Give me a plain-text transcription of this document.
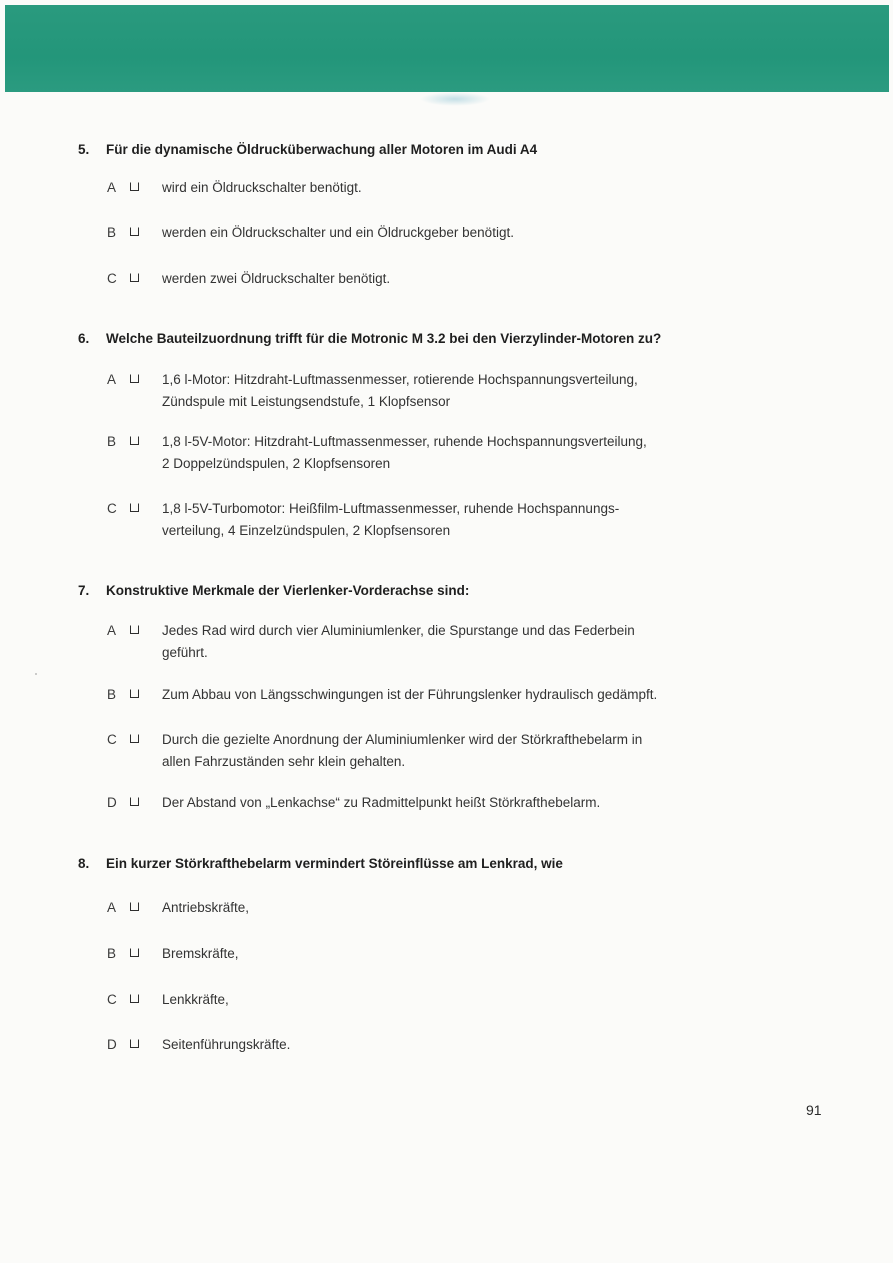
5. Für die dynamische Öldrucküberwachung aller Motoren im Audi A4
A	wird ein Öldruckschalter benötigt.
B	werden ein Öldruckschalter und ein Öldruckgeber benötigt.
C	werden zwei Öldruckschalter benötigt.
6. Welche Bauteilzuordnung trifft für die Motronic M 3.2 bei den Vierzylinder-Motoren zu?
A	1,6 l-Motor: Hitzdraht-Luftmassenmesser, rotierende Hochspannungsverteilung,
Zündspule mit Leistungsendstufe, 1 Klopfsensor
B	1,8 l-5V-Motor: Hitzdraht-Luftmassenmesser, ruhende Hochspannungsverteilung,
2 Doppelzündspulen, 2 Klopfsensoren
C	1,8 l-5V-Turbomotor: Heißfilm-Luftmassenmesser, ruhende Hochspannungs-
verteilung, 4 Einzelzündspulen, 2 Klopfsensoren
7. Konstruktive Merkmale der Vierlenker-Vorderachse sind:
A	Jedes Rad wird durch vier Aluminiumlenker, die Spurstange und das Federbein
geführt.
B	Zum Abbau von Längsschwingungen ist der Führungslenker hydraulisch gedämpft.
C	Durch die gezielte Anordnung der Aluminiumlenker wird der Störkrafthebelarm in
allen Fahrzuständen sehr klein gehalten.
D	Der Abstand von „Lenkachse“ zu Radmittelpunkt heißt Störkrafthebelarm.
8. Ein kurzer Störkrafthebelarm vermindert Störeinflüsse am Lenkrad, wie
A	Antriebskräfte,
B	Bremskräfte,
C	Lenkkräfte,
D	Seitenführungskräfte.
91
